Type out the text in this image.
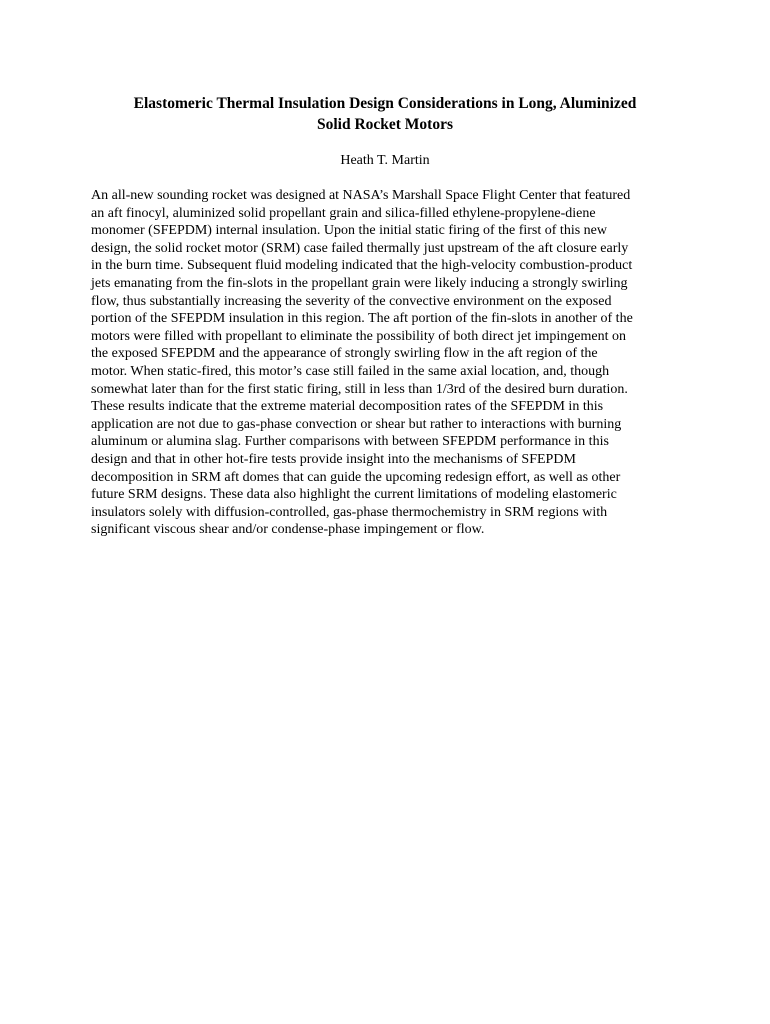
Elastomeric Thermal Insulation Design Considerations in Long, Aluminized
Solid Rocket Motors
Heath T. Martin
An all-new sounding rocket was designed at NASA’s Marshall Space Flight Center that featured
an aft finocyl, aluminized solid propellant grain and silica-filled ethylene-propylene-diene
monomer (SFEPDM) internal insulation. Upon the initial static firing of the first of this new
design, the solid rocket motor (SRM) case failed thermally just upstream of the aft closure early
in the burn time. Subsequent fluid modeling indicated that the high-velocity combustion-product
jets emanating from the fin-slots in the propellant grain were likely inducing a strongly swirling
flow, thus substantially increasing the severity of the convective environment on the exposed
portion of the SFEPDM insulation in this region. The aft portion of the fin-slots in another of the
motors were filled with propellant to eliminate the possibility of both direct jet impingement on
the exposed SFEPDM and the appearance of strongly swirling flow in the aft region of the
motor. When static-fired, this motor’s case still failed in the same axial location, and, though
somewhat later than for the first static firing, still in less than 1/3rd of the desired burn duration.
These results indicate that the extreme material decomposition rates of the SFEPDM in this
application are not due to gas-phase convection or shear but rather to interactions with burning
aluminum or alumina slag. Further comparisons with between SFEPDM performance in this
design and that in other hot-fire tests provide insight into the mechanisms of SFEPDM
decomposition in SRM aft domes that can guide the upcoming redesign effort, as well as other
future SRM designs. These data also highlight the current limitations of modeling elastomeric
insulators solely with diffusion-controlled, gas-phase thermochemistry in SRM regions with
significant viscous shear and/or condense-phase impingement or flow.
